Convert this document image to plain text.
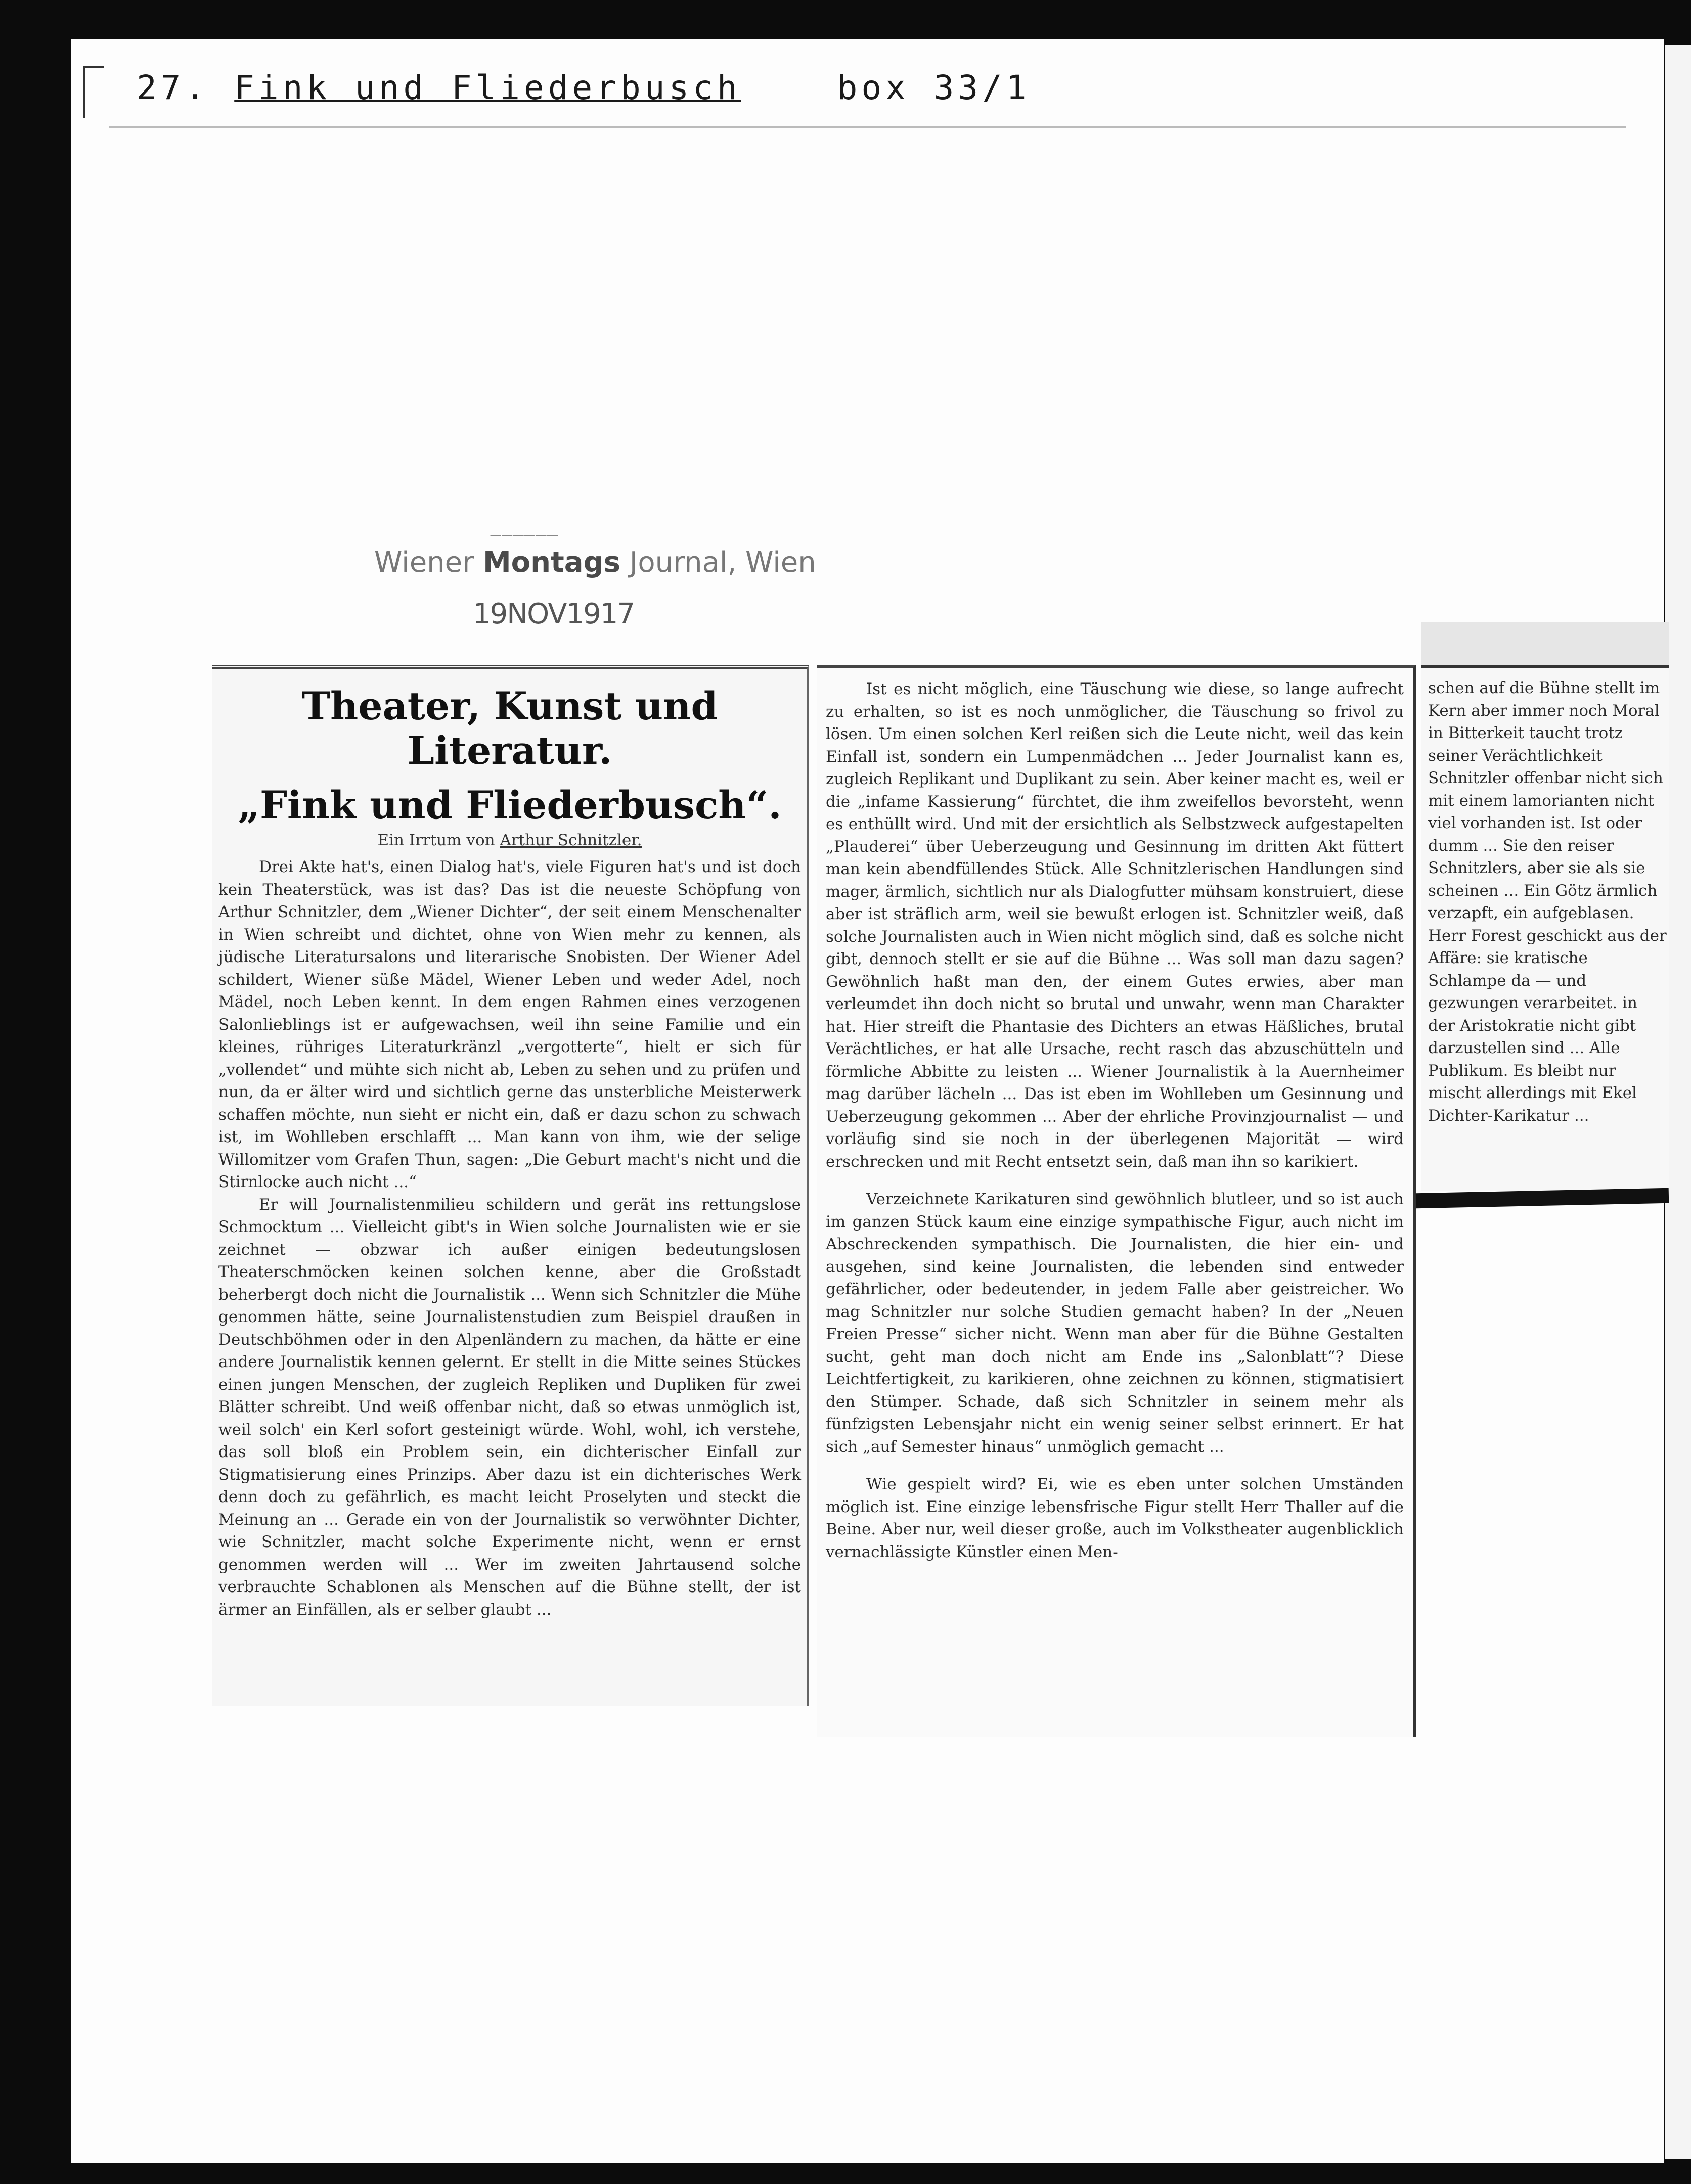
27. Fink und Fliederbusch	box 33/1
──────
Wiener Montags Journal, Wien
19NOV1917
Theater, Kunst und Literatur.
„Fink und Fliederbusch“.
Ein Irrtum von Arthur Schnitzler.

Drei Akte hat's, einen Dialog hat's, viele Figuren hat's und ist doch kein Theaterstück, was ist das? Das ist die neueste Schöpfung von Arthur Schnitzler, dem „Wiener Dichter“, der seit einem Menschenalter in Wien schreibt und dichtet, ohne von Wien mehr zu kennen, als jüdische Literatursalons und literarische Snobisten. Der Wiener Adel schildert, Wiener süße Mädel, Wiener Leben und weder Adel, noch Mädel, noch Leben kennt. In dem engen Rahmen eines verzogenen Salonlieblings ist er aufgewachsen, weil ihn seine Familie und ein kleines, rühriges Literaturkränzl „vergotterte“, hielt er sich für „vollendet“ und mühte sich nicht ab, Leben zu sehen und zu prüfen und nun, da er älter wird und sichtlich gerne das unsterbliche Meisterwerk schaffen möchte, nun sieht er nicht ein, daß er dazu schon zu schwach ist, im Wohlleben erschlafft ... Man kann von ihm, wie der selige Willomitzer vom Grafen Thun, sagen: „Die Geburt macht's nicht und die Stirnlocke auch nicht ...“

Er will Journalistenmilieu schildern und gerät ins rettungslose Schmocktum ... Vielleicht gibt's in Wien solche Journalisten wie er sie zeichnet — obzwar ich außer einigen bedeutungslosen Theaterschmöcken keinen solchen kenne, aber die Großstadt beherbergt doch nicht die Journalistik ... Wenn sich Schnitzler die Mühe genommen hätte, seine Journalistenstudien zum Beispiel draußen in Deutschböhmen oder in den Alpenländern zu machen, da hätte er eine andere Journalistik kennen gelernt. Er stellt in die Mitte seines Stückes einen jungen Menschen, der zugleich Repliken und Dupliken für zwei Blätter schreibt. Und weiß offenbar nicht, daß so etwas unmöglich ist, weil solch' ein Kerl sofort gesteinigt würde. Wohl, wohl, ich verstehe, das soll bloß ein Problem sein, ein dichterischer Einfall zur Stigmatisierung eines Prinzips. Aber dazu ist ein dichterisches Werk denn doch zu gefährlich, es macht leicht Proselyten und steckt die Meinung an ... Gerade ein von der Journalistik so verwöhnter Dichter, wie Schnitzler, macht solche Experimente nicht, wenn er ernst genommen werden will ... Wer im zweiten Jahrtausend solche verbrauchte Schablonen als Menschen auf die Bühne stellt, der ist ärmer an Einfällen, als er selber glaubt ...

Ist es nicht möglich, eine Täuschung wie diese, so lange aufrecht zu erhalten, so ist es noch unmöglicher, die Täuschung so frivol zu lösen. Um einen solchen Kerl reißen sich die Leute nicht, weil das kein Einfall ist, sondern ein Lumpenmädchen ... Jeder Journalist kann es, zugleich Replikant und Duplikant zu sein. Aber keiner macht es, weil er die „infame Kassierung“ fürchtet, die ihm zweifellos bevorsteht, wenn es enthüllt wird. Und mit der ersichtlich als Selbstzweck aufgestapelten „Plauderei“ über Ueberzeugung und Gesinnung im dritten Akt füttert man kein abendfüllendes Stück. Alle Schnitzlerischen Handlungen sind mager, ärmlich, sichtlich nur als Dialogfutter mühsam konstruiert, diese aber ist sträflich arm, weil sie bewußt erlogen ist. Schnitzler weiß, daß solche Journalisten auch in Wien nicht möglich sind, daß es solche nicht gibt, dennoch stellt er sie auf die Bühne ... Was soll man dazu sagen? Gewöhnlich haßt man den, der einem Gutes erwies, aber man verleumdet ihn doch nicht so brutal und unwahr, wenn man Charakter hat. Hier streift die Phantasie des Dichters an etwas Häßliches, brutal Verächtliches, er hat alle Ursache, recht rasch das abzuschütteln und förmliche Abbitte zu leisten ... Wiener Journalistik à la Auernheimer mag darüber lächeln ... Das ist eben im Wohlleben um Gesinnung und Ueberzeugung gekommen ... Aber der ehrliche Provinzjournalist — und vorläufig sind sie noch in der überlegenen Majorität — wird erschrecken und mit Recht entsetzt sein, daß man ihn so karikiert.

Verzeichnete Karikaturen sind gewöhnlich blutleer, und so ist auch im ganzen Stück kaum eine einzige sympathische Figur, auch nicht im Abschreckenden sympathisch. Die Journalisten, die hier ein- und ausgehen, sind keine Journalisten, die lebenden sind entweder gefährlicher, oder bedeutender, in jedem Falle aber geistreicher. Wo mag Schnitzler nur solche Studien gemacht haben? In der „Neuen Freien Presse“ sicher nicht. Wenn man aber für die Bühne Gestalten sucht, geht man doch nicht am Ende ins „Salonblatt“? Diese Leichtfertigkeit, zu karikieren, ohne zeichnen zu können, stigmatisiert den Stümper. Schade, daß sich Schnitzler in seinem mehr als fünfzigsten Lebensjahr nicht ein wenig seiner selbst erinnert. Er hat sich „auf Semester hinaus“ unmöglich gemacht ...

Wie gespielt wird? Ei, wie es eben unter solchen Umständen möglich ist. Eine einzige lebensfrische Figur stellt Herr Thaller auf die Beine. Aber nur, weil dieser große, auch im Volkstheater augenblicklich vernachlässigte Künstler einen Men-

schen auf die Bühne stellt im Kern aber immer noch Moral in Bitterkeit taucht trotz seiner Verächtlichkeit Schnitzler offenbar nicht sich mit einem lamorianten nicht viel vorhanden ist. Ist oder dumm ... Sie den reiser Schnitzlers, aber sie als sie scheinen ... Ein Götz ärmlich verzapft, ein aufgeblasen. Herr Forest geschickt aus der Affäre: sie kratische Schlampe da — und gezwungen verarbeitet. in der Aristokratie nicht gibt darzustellen sind ... Alle Publikum. Es bleibt nur mischt allerdings mit Ekel Dichter-Karikatur ...
